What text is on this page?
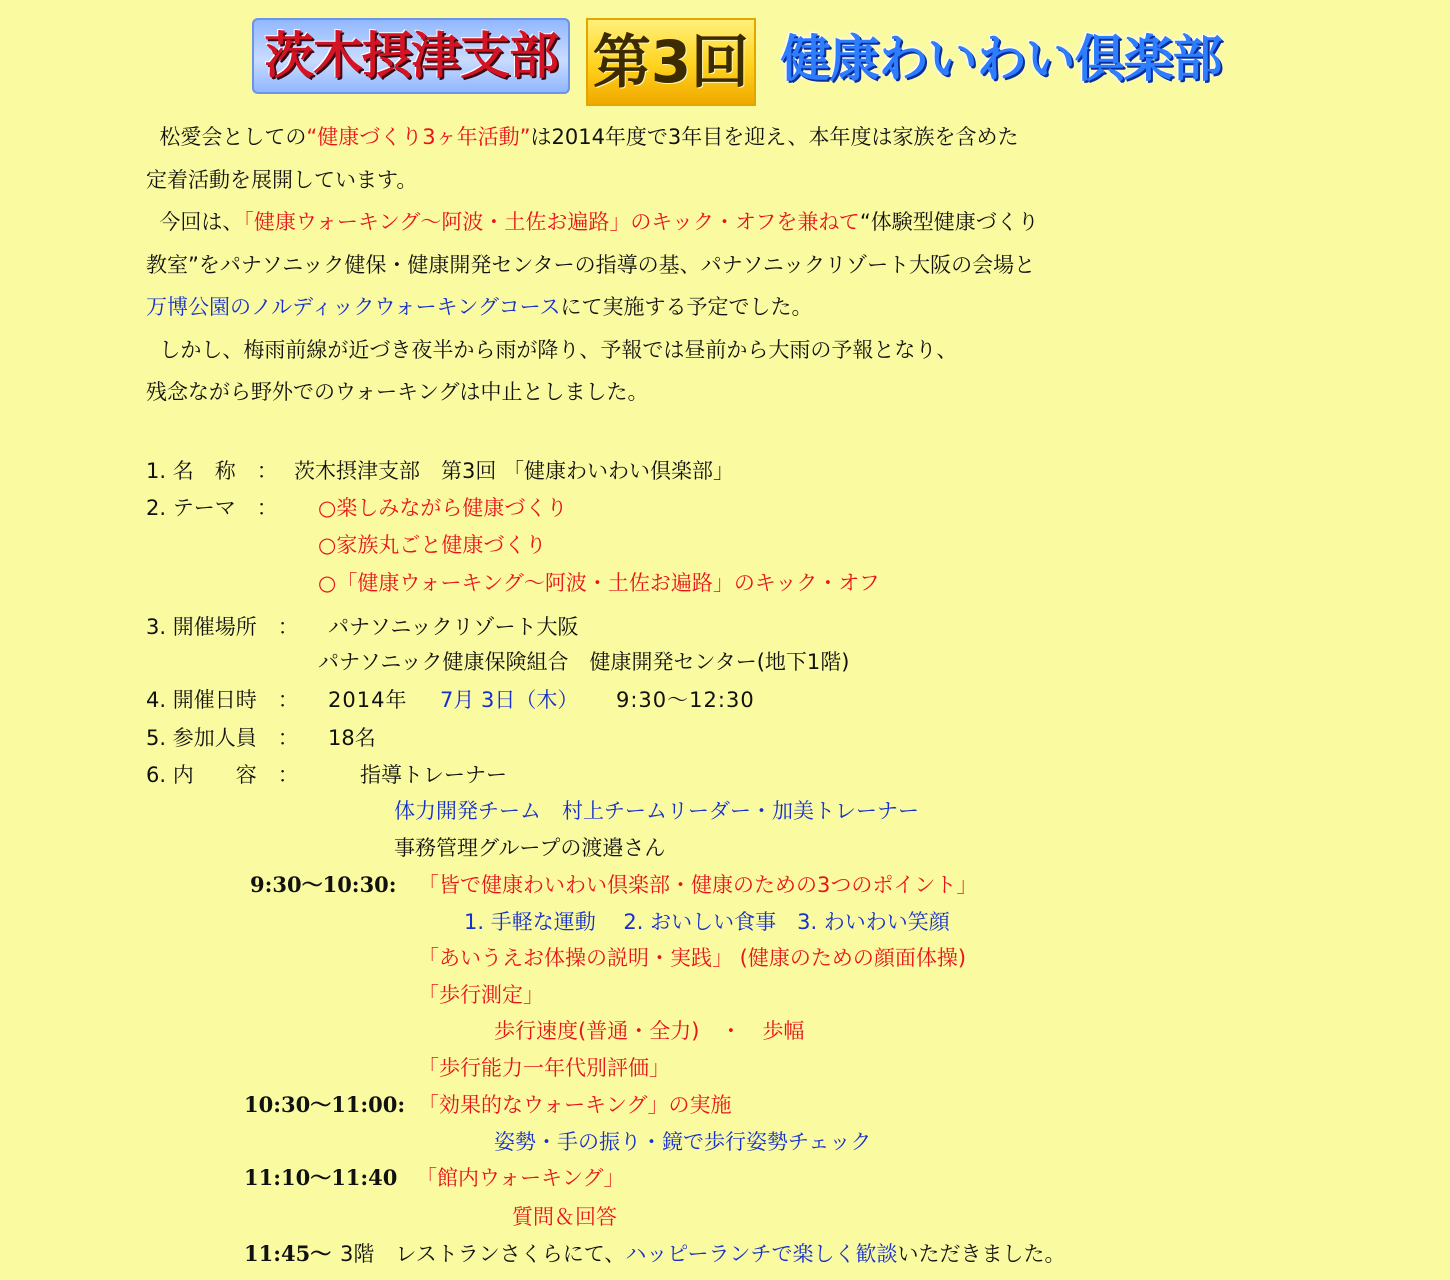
茨木摂津支部 第3回 健康わいわい倶楽部
松愛会としての“健康づくり3ヶ年活動”は2014年度で3年目を迎え、本年度は家族を含めた
定着活動を展開しています。
今回は、「健康ウォーキング～阿波・土佐お遍路」のキック・オフを兼ねて“体験型健康づくり
教室”をパナソニック健保・健康開発センターの指導の基、パナソニックリゾート大阪の会場と
万博公園のノルディックウォーキングコースにて実施する予定でした。
しかし、梅雨前線が近づき夜半から雨が降り、予報では昼前から大雨の予報となり、
残念ながら野外でのウォーキングは中止としました。
1. 名　称　： 茨木摂津支部　第3回 「健康わいわい倶楽部」
2. テーマ　： ○楽しみながら健康づくり
○家族丸ごと健康づくり
○「健康ウォーキング～阿波・土佐お遍路」のキック・オフ
3. 開催場所　： パナソニックリゾート大阪
パナソニック健康保険組合　健康開発センター(地下1階)
4. 開催日時　： 2014年 7月 3日（木） 9:30～12:30
5. 参加人員　： 18名
6. 内　　容　：	指導トレーナー
体力開発チーム　村上チームリーダー・加美トレーナー
事務管理グループの渡邉さん
9:30～10:30: 「皆で健康わいわい倶楽部・健康のための3つのポイント」
1. 手軽な運動　 2. おいしい食事　3. わいわい笑顔
「あいうえお体操の説明・実践」 (健康のための顔面体操)
「歩行測定」
歩行速度(普通・全力)　・　歩幅
「歩行能力一年代別評価」
10:30～11:00: 「効果的なウォーキング」の実施
姿勢・手の振り・鏡で歩行姿勢チェック
11:10～11:40 「館内ウォーキング」
質問＆回答
11:45～ 3階　レストランさくらにて、ハッピーランチで楽しく歓談いただきました。
